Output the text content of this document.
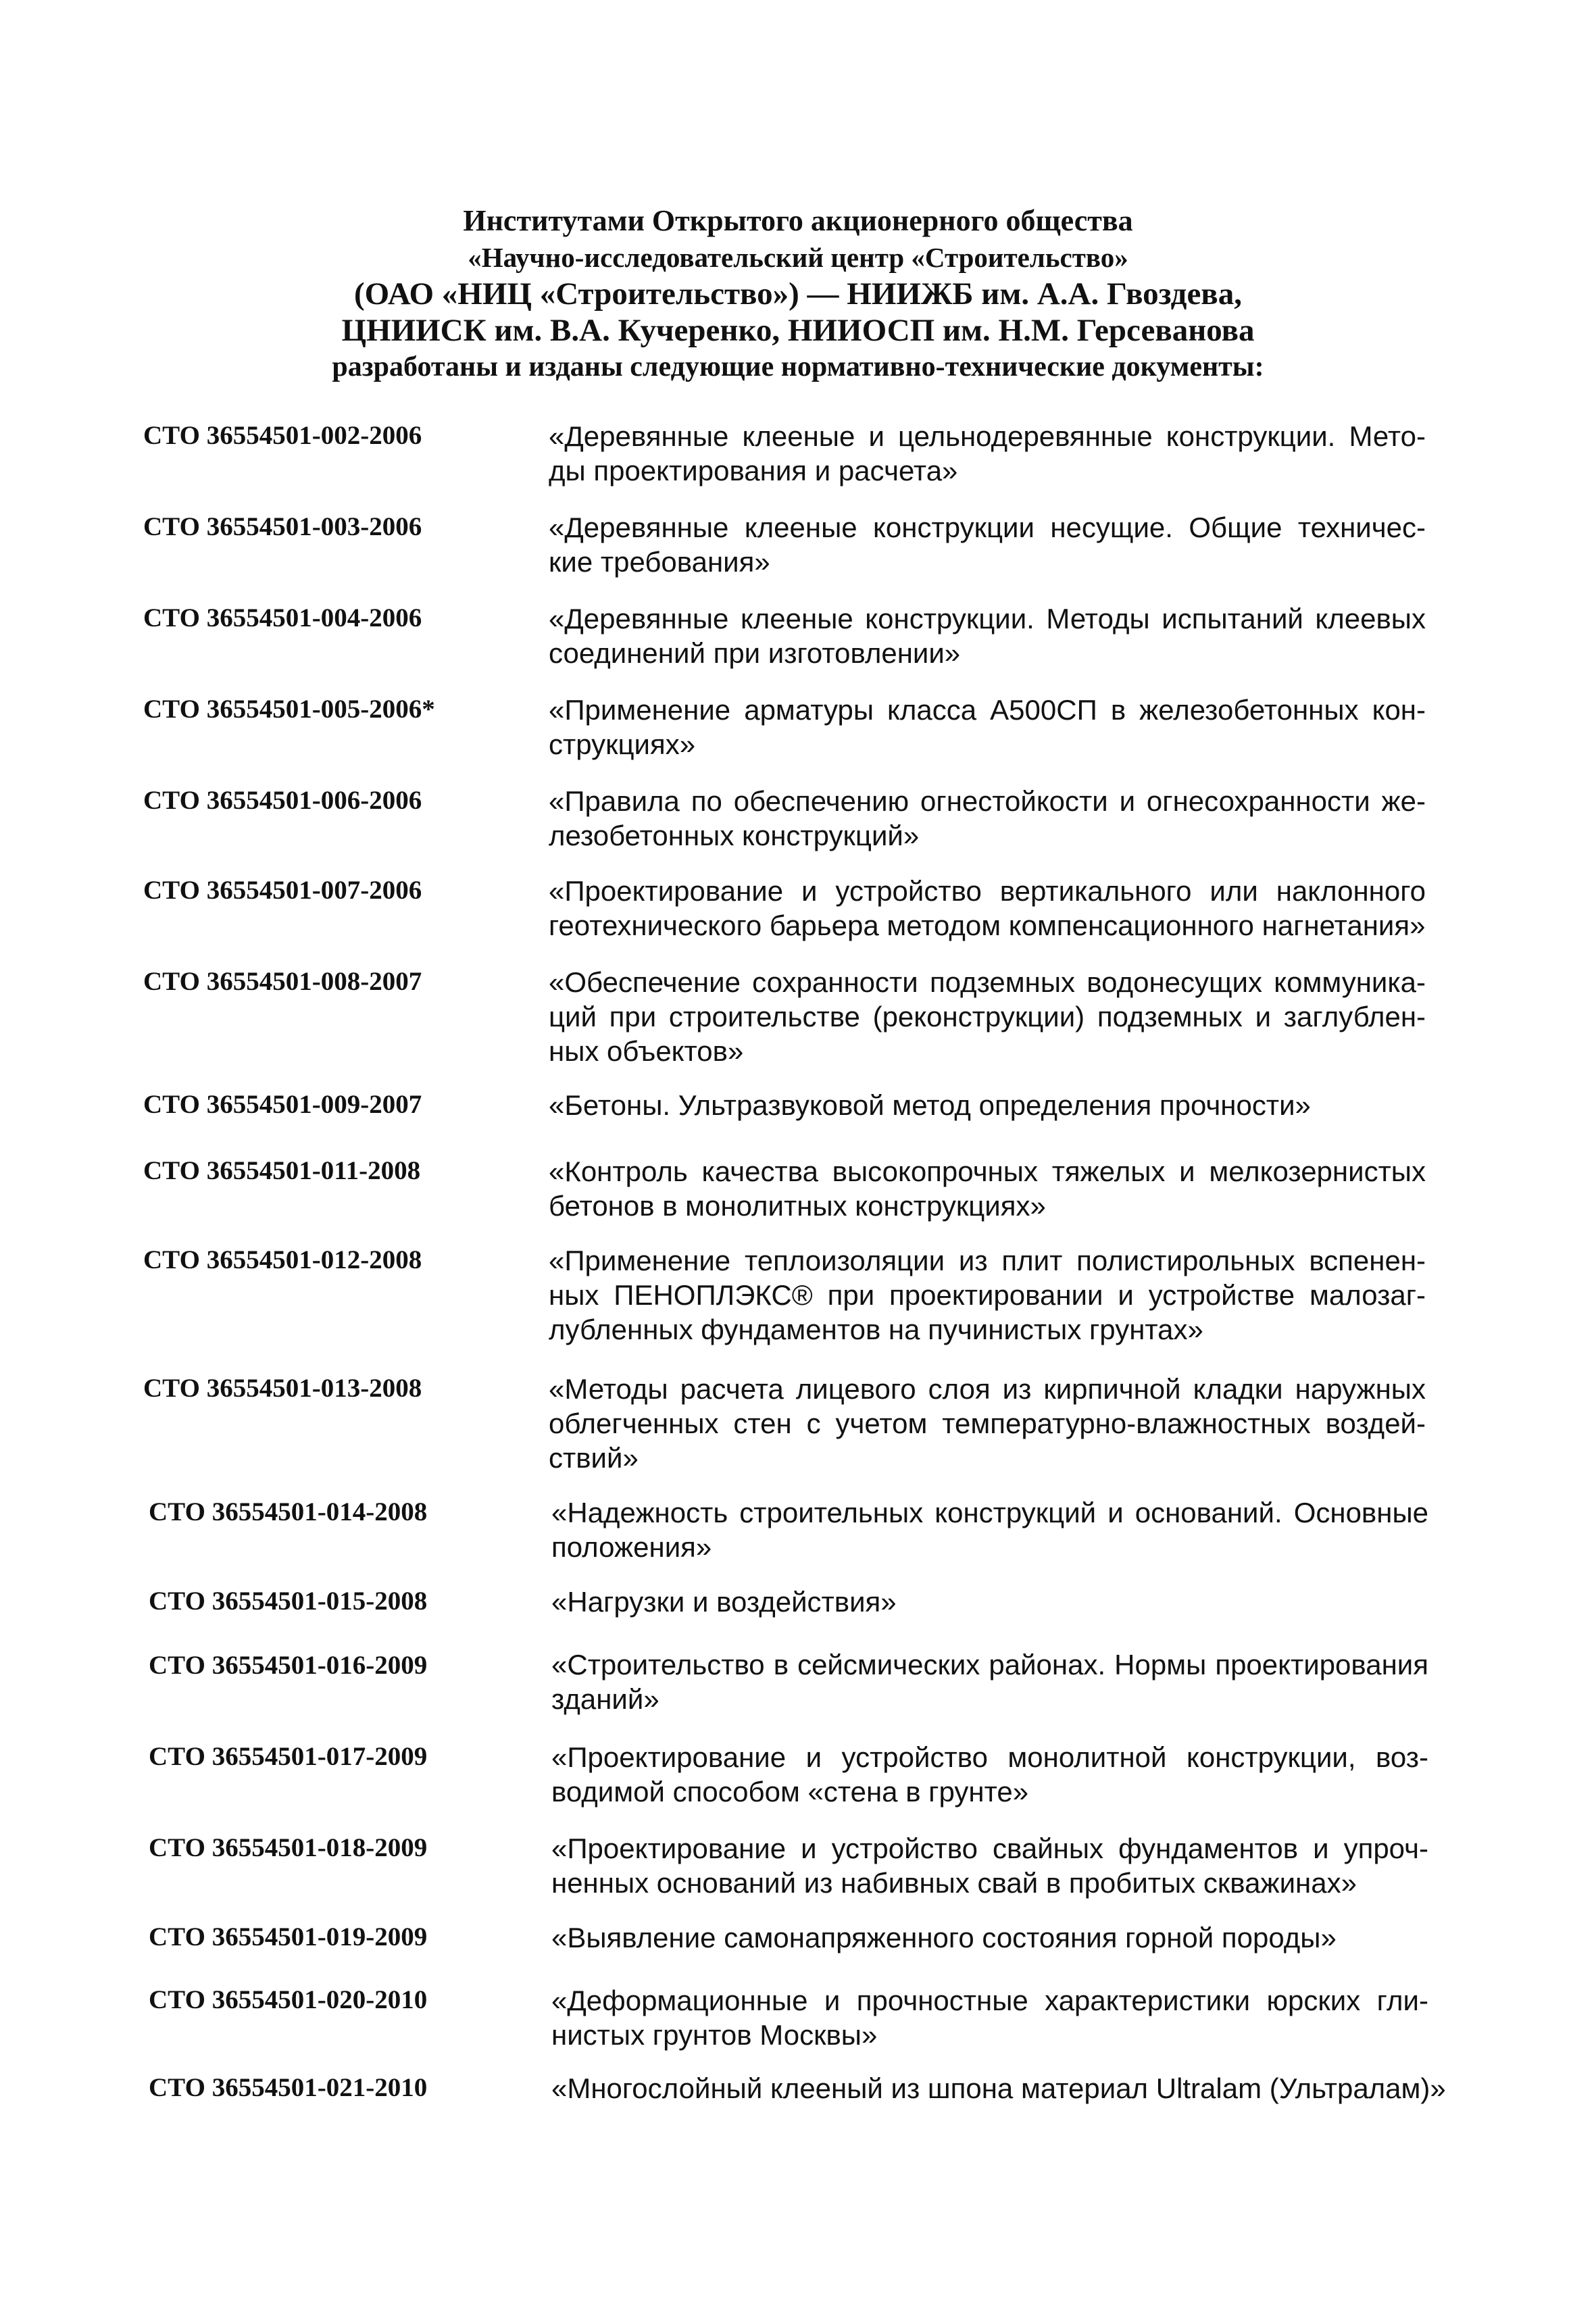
Институтами Открытого акционерного общества
«Научно-исследовательский центр «Строительство»
(ОАО «НИЦ «Строительство») — НИИЖБ им. А.А. Гвоздева,
ЦНИИСК им. В.А. Кучеренко, НИИОСП им. Н.М. Герсеванова
разработаны и изданы следующие нормативно-технические документы:
СТО 36554501-002-2006	«Деревянные клееные и цельнодеревянные конструкции. Мето-
ды проектирования и расчета»
СТО 36554501-003-2006	«Деревянные клееные конструкции несущие. Общие техничес-
кие требования»
СТО 36554501-004-2006	«Деревянные клееные конструкции. Методы испытаний клеевых
соединений при изготовлении»
СТО 36554501-005-2006*	«Применение арматуры класса А500СП в железобетонных кон-
струкциях»
СТО 36554501-006-2006	«Правила по обеспечению огнестойкости и огнесохранности же-
лезобетонных конструкций»
СТО 36554501-007-2006	«Проектирование и устройство вертикального или наклонного
геотехнического барьера методом компенсационного нагнетания»
СТО 36554501-008-2007	«Обеспечение сохранности подземных водонесущих коммуника-
ций при строительстве (реконструкции) подземных и заглублен-
ных объектов»
СТО 36554501-009-2007	«Бетоны. Ультразвуковой метод определения прочности»
СТО 36554501-011-2008	«Контроль качества высокопрочных тяжелых и мелкозернистых
бетонов в монолитных конструкциях»
СТО 36554501-012-2008	«Применение теплоизоляции из плит полистирольных вспенен-
ных ПЕНОПЛЭКС® при проектировании и устройстве малозаг-
лубленных фундаментов на пучинистых грунтах»
СТО 36554501-013-2008	«Методы расчета лицевого слоя из кирпичной кладки наружных
облегченных стен с учетом температурно-влажностных воздей-
ствий»
СТО 36554501-014-2008	«Надежность строительных конструкций и оснований. Основные
положения»
СТО 36554501-015-2008	«Нагрузки и воздействия»
СТО 36554501-016-2009	«Строительство в сейсмических районах. Нормы проектирования
зданий»
СТО 36554501-017-2009	«Проектирование и устройство монолитной конструкции, воз-
водимой способом «стена в грунте»
СТО 36554501-018-2009	«Проектирование и устройство свайных фундаментов и упроч-
ненных оснований из набивных свай в пробитых скважинах»
СТО 36554501-019-2009	«Выявление самонапряженного состояния горной породы»
СТО 36554501-020-2010	«Деформационные и прочностные характеристики юрских гли-
нистых грунтов Москвы»
СТО 36554501-021-2010	«Многослойный клееный из шпона материал Ultralam (Ультралам)»
